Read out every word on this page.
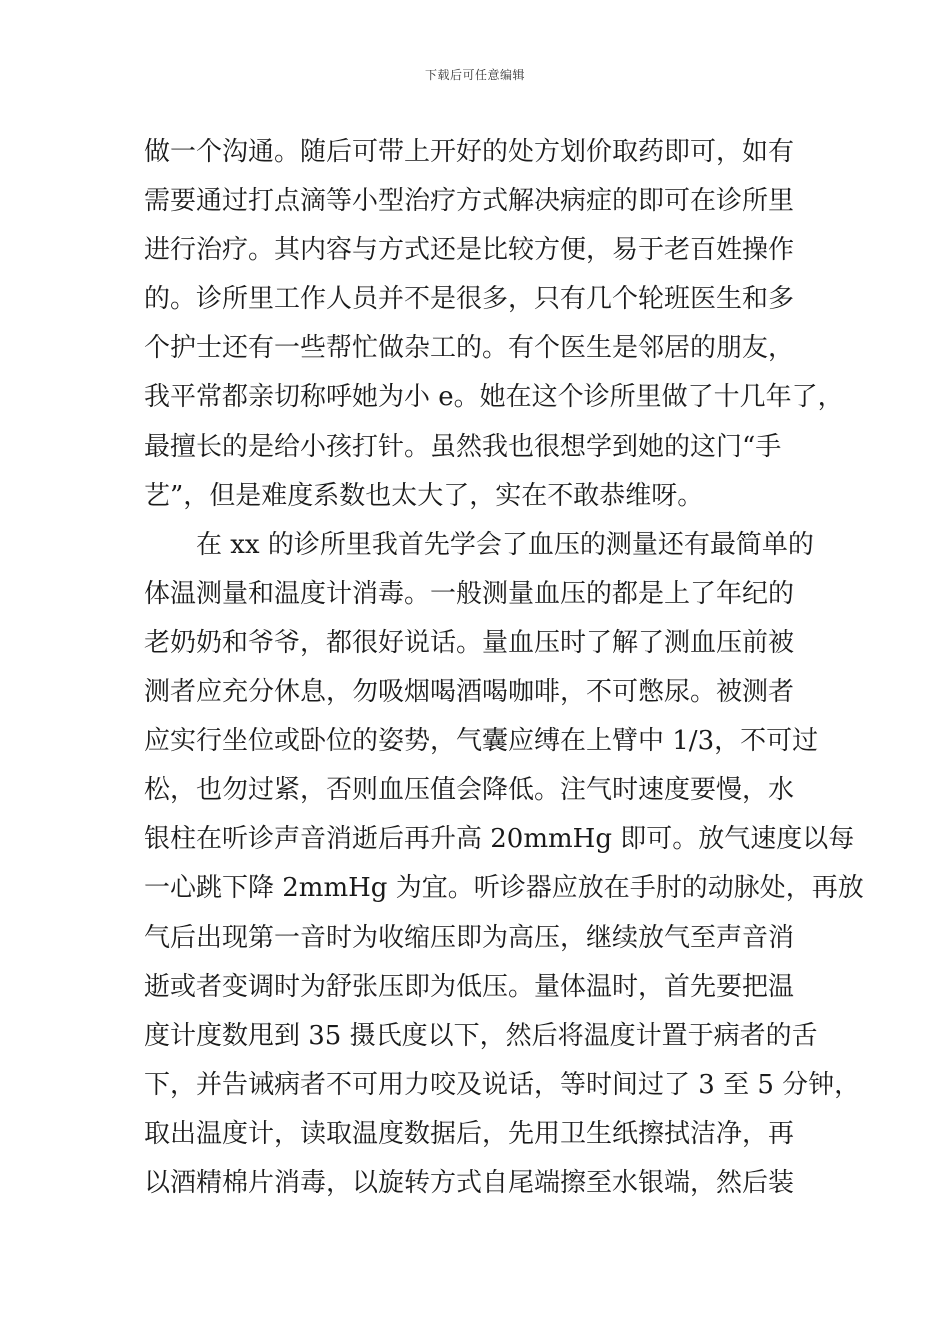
下载后可任意编辑
做一个沟通。随后可带上开好的处方划价取药即可，如有
需要通过打点滴等小型治疗方式解决病症的即可在诊所里
进行治疗。其内容与方式还是比较方便，易于老百姓操作
的。诊所里工作人员并不是很多，只有几个轮班医生和多
个护士还有一些帮忙做杂工的。有个医生是邻居的朋友，
我平常都亲切称呼她为小 e。她在这个诊所里做了十几年了，
最擅长的是给小孩打针。虽然我也很想学到她的这门“手
艺”，但是难度系数也太大了，实在不敢恭维呀。
　　在 xx 的诊所里我首先学会了血压的测量还有最简单的
体温测量和温度计消毒。一般测量血压的都是上了年纪的
老奶奶和爷爷，都很好说话。量血压时了解了测血压前被
测者应充分休息，勿吸烟喝酒喝咖啡，不可憋尿。被测者
应实行坐位或卧位的姿势，气囊应缚在上臂中 1/3，不可过
松，也勿过紧，否则血压值会降低。注气时速度要慢，水
银柱在听诊声音消逝后再升高 20mmHg 即可。放气速度以每
一心跳下降 2mmHg 为宜。听诊器应放在手肘的动脉处，再放
气后出现第一音时为收缩压即为高压，继续放气至声音消
逝或者变调时为舒张压即为低压。量体温时，首先要把温
度计度数甩到 35 摄氏度以下，然后将温度计置于病者的舌
下，并告诫病者不可用力咬及说话，等时间过了 3 至 5 分钟，
取出温度计，读取温度数据后，先用卫生纸擦拭洁净，再
以酒精棉片消毒，以旋转方式自尾端擦至水银端，然后装
